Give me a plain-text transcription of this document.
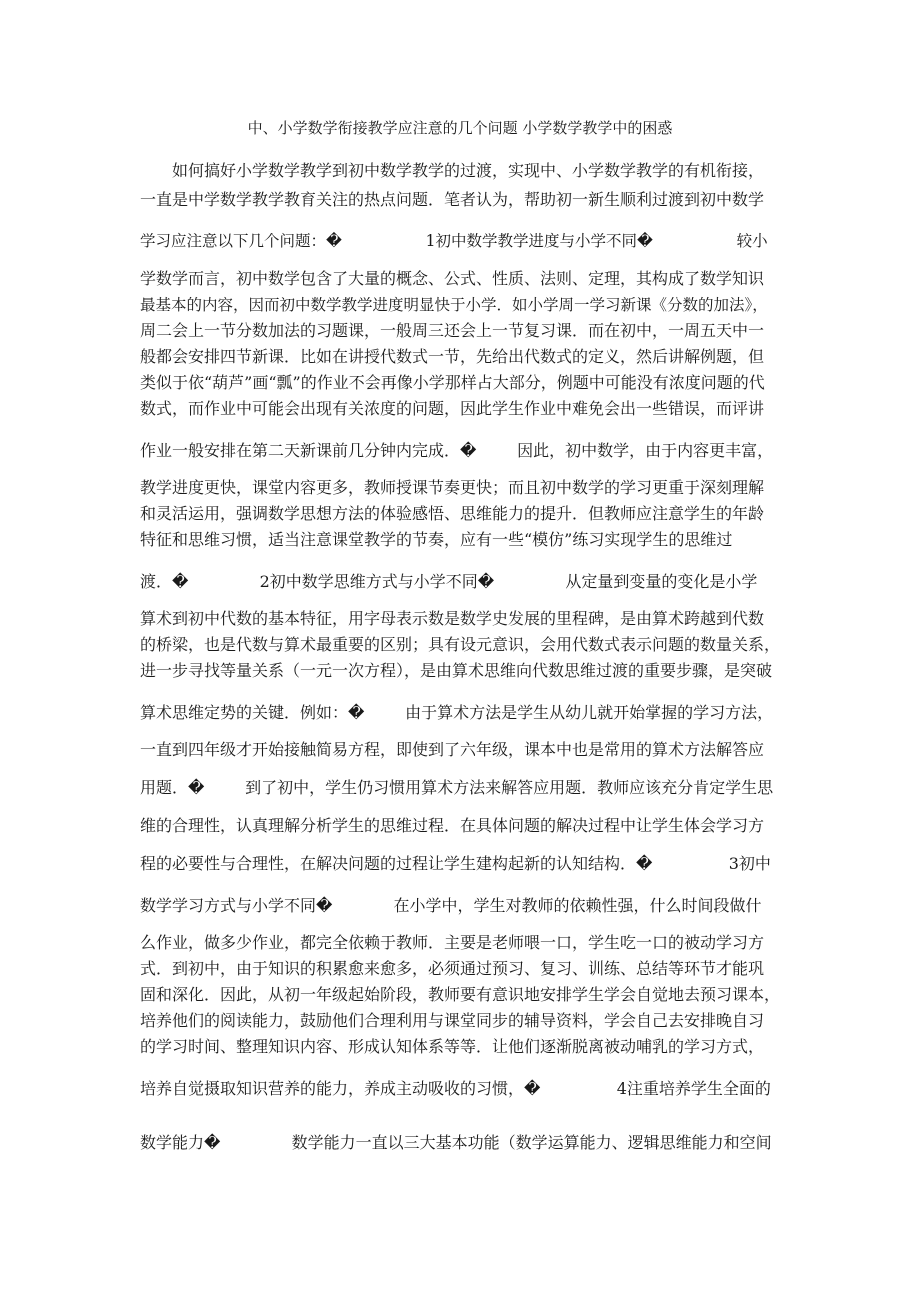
中、小学数学衔接教学应注意的几个问题 小学数学教学中的困惑
　　如何搞好小学数学教学到初中数学教学的过渡，实现中、小学数学教学的有机衔接，
一直是中学数学教学教育关注的热点问题．笔者认为，帮助初一新生顺利过渡到初中数学
学习应注意以下几个问题：�                 1初中数学教学进度与小学不同�                 较小
学数学而言，初中数学包含了大量的概念、公式、性质、法则、定理，其构成了数学知识
最基本的内容，因而初中数学教学进度明显快于小学．如小学周一学习新课《分数的加法》，
周二会上一节分数加法的习题课，一般周三还会上一节复习课．而在初中，一周五天中一
般都会安排四节新课．比如在讲授代数式一节，先给出代数式的定义，然后讲解例题，但
类似于依“葫芦”画“瓢”的作业不会再像小学那样占大部分，例题中可能没有浓度问题的代
数式，而作业中可能会出现有关浓度的问题，因此学生作业中难免会出一些错误，而评讲
作业一般安排在第二天新课前几分钟内完成．�        因此，初中数学，由于内容更丰富，
教学进度更快，课堂内容更多，教师授课节奏更快；而且初中数学的学习更重于深刻理解
和灵活运用，强调数学思想方法的体验感悟、思维能力的提升．但教师应注意学生的年龄
特征和思维习惯，适当注意课堂教学的节奏，应有一些“模仿”练习实现学生的思维过
渡．�              2初中数学思维方式与小学不同�              从定量到变量的变化是小学
算术到初中代数的基本特征，用字母表示数是数学史发展的里程碑，是由算术跨越到代数
的桥梁，也是代数与算术最重要的区别；具有设元意识，会用代数式表示问题的数量关系，
进一步寻找等量关系（一元一次方程），是由算术思维向代数思维过渡的重要步骤，是突破
算术思维定势的关键．例如：�        由于算术方法是学生从幼儿就开始掌握的学习方法，
一直到四年级才开始接触简易方程，即使到了六年级，课本中也是常用的算术方法解答应
用题．�        到了初中，学生仍习惯用算术方法来解答应用题．教师应该充分肯定学生思
维的合理性，认真理解分析学生的思维过程．在具体问题的解决过程中让学生体会学习方
程的必要性与合理性，在解决问题的过程让学生建构起新的认知结构．�               3初中
数学学习方式与小学不同�            在小学中，学生对教师的依赖性强，什么时间段做什
么作业，做多少作业，都完全依赖于教师．主要是老师喂一口，学生吃一口的被动学习方
式．到初中，由于知识的积累愈来愈多，必须通过预习、复习、训练、总结等环节才能巩
固和深化．因此，从初一年级起始阶段，教师要有意识地安排学生学会自觉地去预习课本，
培养他们的阅读能力，鼓励他们合理利用与课堂同步的辅导资料，学会自己去安排晚自习
的学习时间、整理知识内容、形成认知体系等等．让他们逐渐脱离被动哺乳的学习方式，
培养自觉摄取知识营养的能力，养成主动吸收的习惯，�               4注重培养学生全面的
数学能力�              数学能力一直以三大基本功能（数学运算能力、逻辑思维能力和空间
